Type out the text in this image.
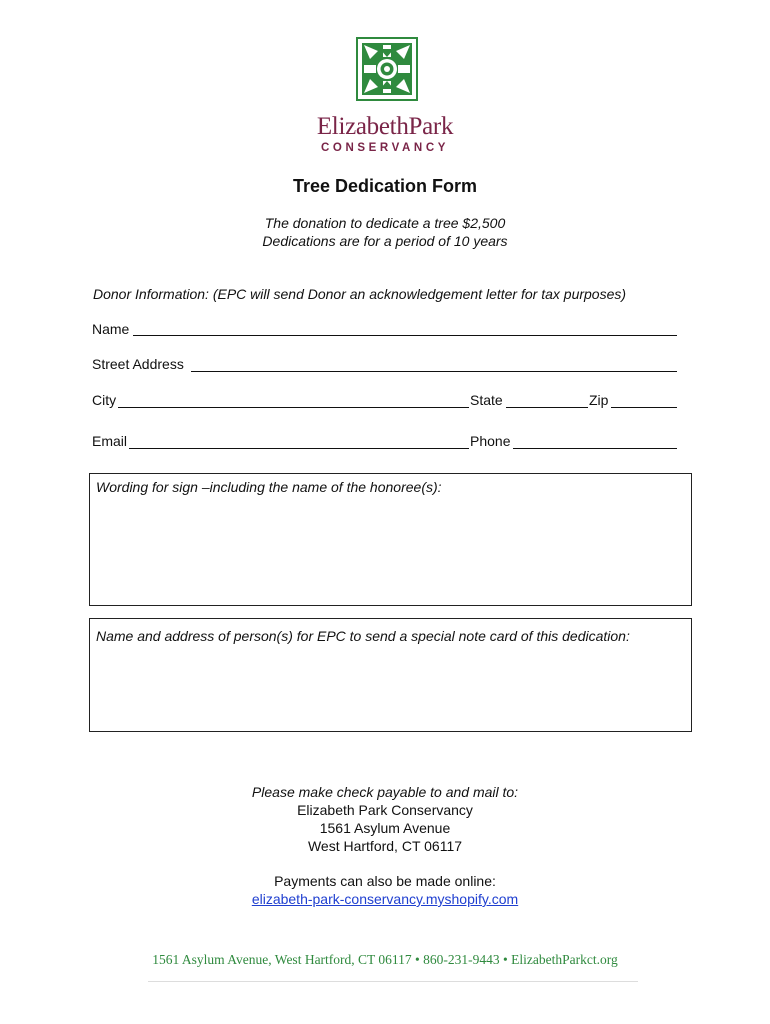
ElizabethPark
CONSERVANCY
Tree Dedication Form
The donation to dedicate a tree $2,500
Dedications are for a period of 10 years
Donor Information: (EPC will send Donor an acknowledgement letter for tax purposes)
Name
Street Address
City	State	Zip
Email	Phone
Wording for sign –including the name of the honoree(s):
Name and address of person(s) for EPC to send a special note card of this dedication:
Please make check payable to and mail to:
Elizabeth Park Conservancy
1561 Asylum Avenue
West Hartford, CT 06117
Payments can also be made online:
elizabeth-park-conservancy.myshopify.com
1561 Asylum Avenue, West Hartford, CT 06117 • 860-231-9443 • ElizabethParkct.org
